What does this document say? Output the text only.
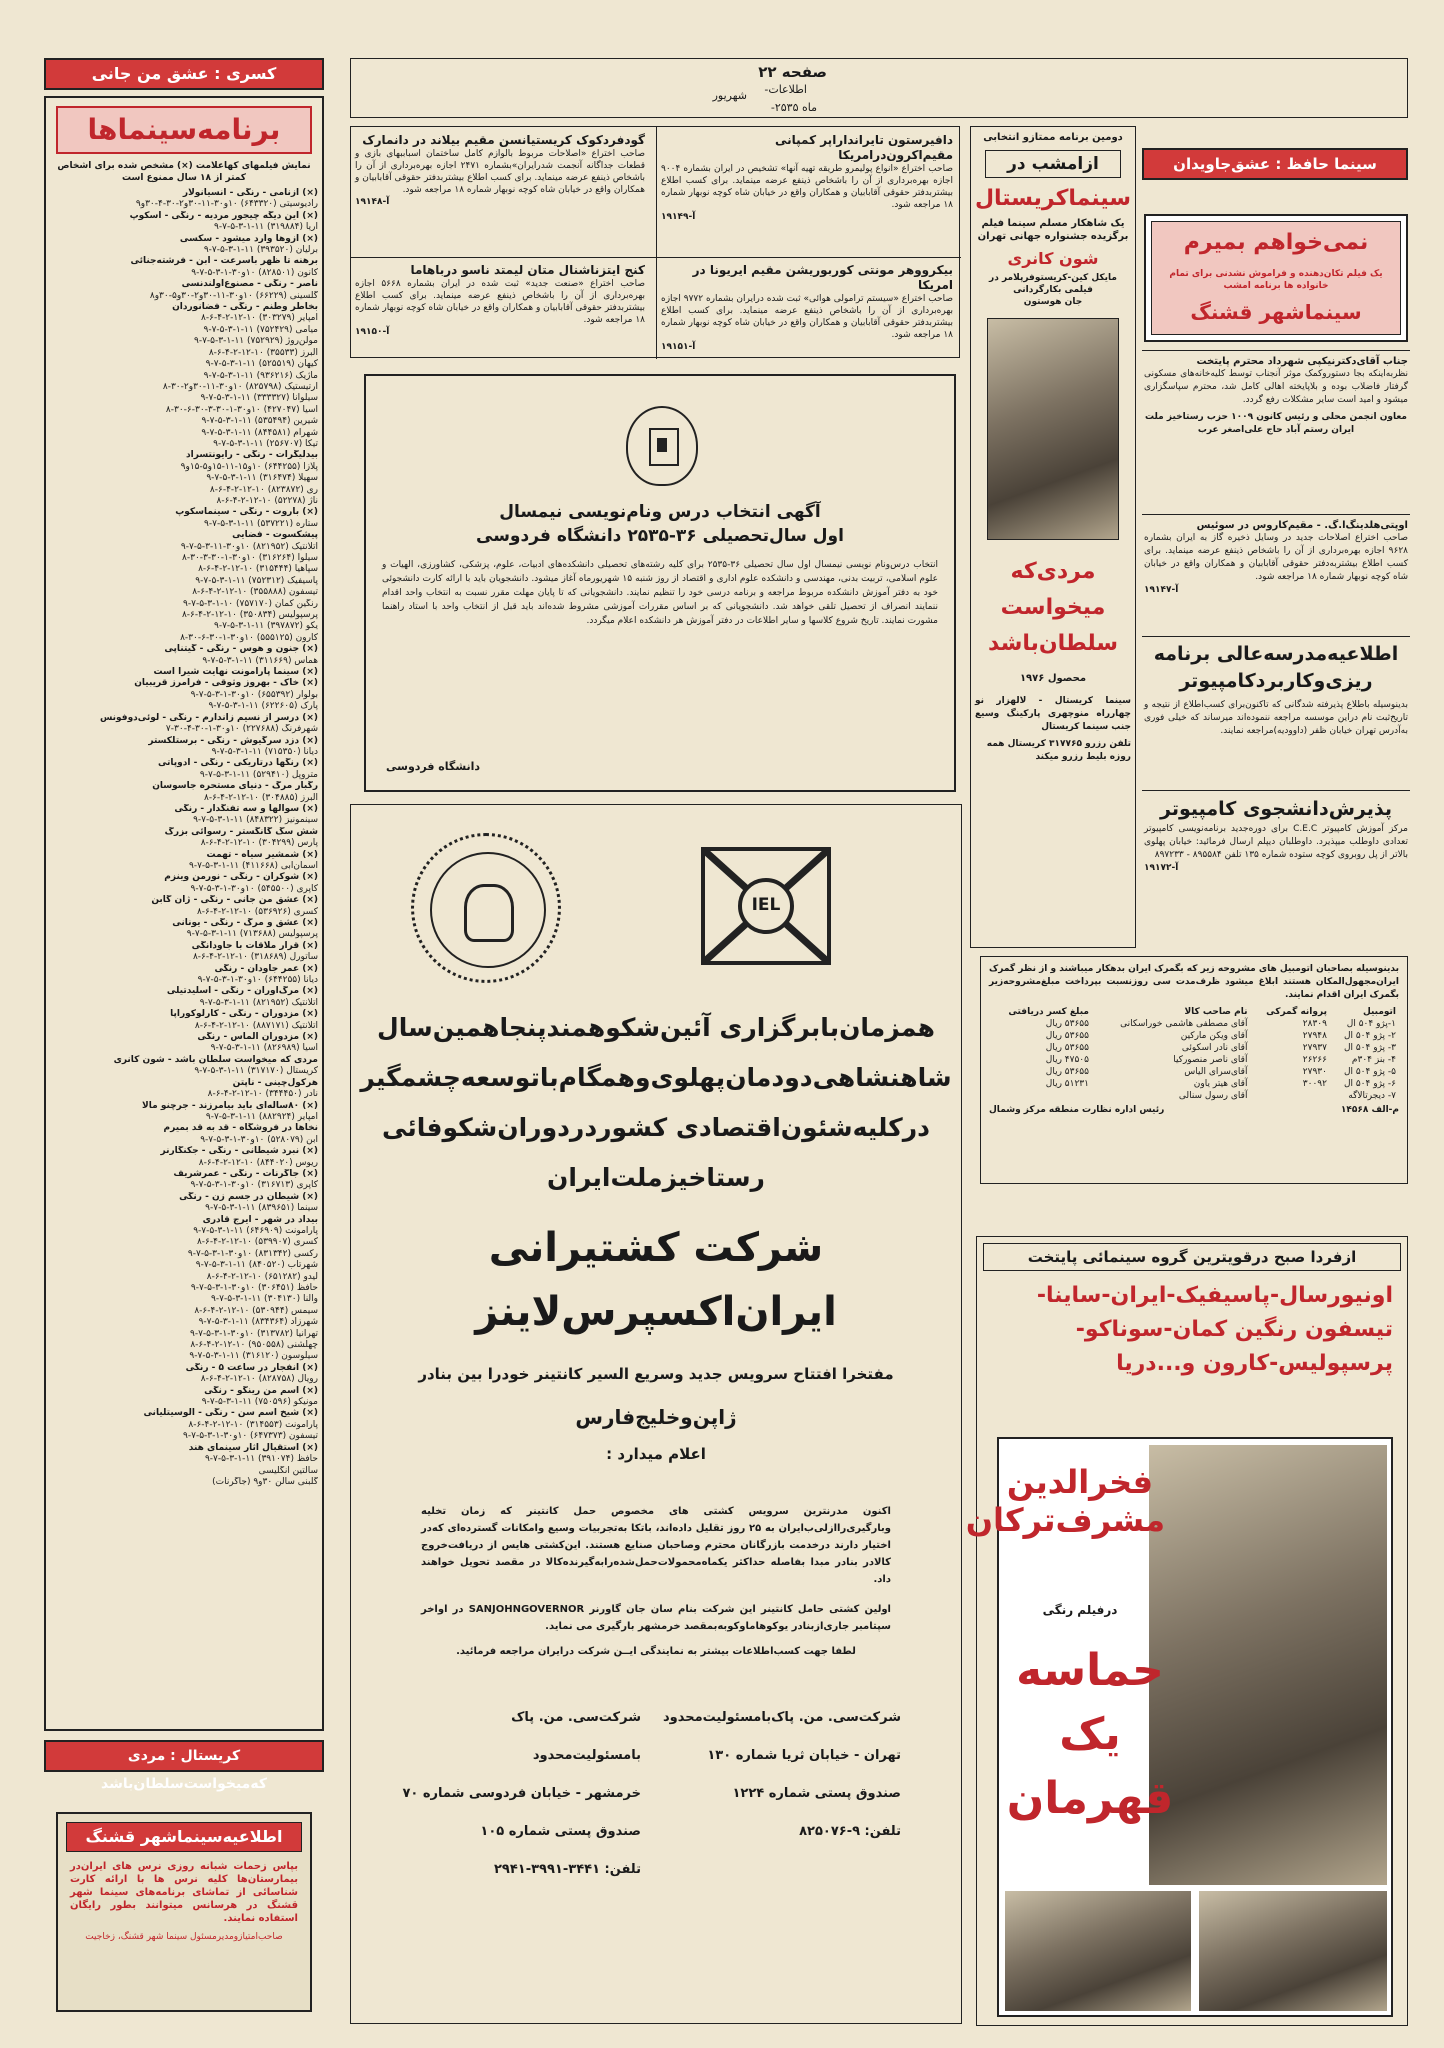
صفحه ۲۲
اطلاعات-
شهریور
ماه ۲۵۳۵-
کسری : عشق من جانی
برنامه‌سینماها
نمایش فیلمهای کهاعلامت (×) مشخص شده برای اشخاص کمتر از ۱۸ سال ممنوع است
(×) ازنامی - رنگی - انسیانولار
رادیوسیتی (۶۴۳۳۲۰) ۱۰و۳۰-۱۱-۳۰و۲-۳۰-۴-۳۰و۹
(×) این دیگه چیجور مردیه - رنگی - اسکوپ
آریا (۳۱۹۸۸۴) ۱۱-۱-۳-۵-۷-۹
(×) ازوها وارد میشود - سکسی
برلیان (۳۹۳۵۲۰) ۱۱-۱-۳-۵-۷-۹
برهنه تا ظهر باسرعت - ابن - فرشته‌جنائی
کانون (۸۲۸۵۰۱) ۱۰و۳۰-۱-۳-۵-۷-۹
ناصر - رنگی - مصنوع‌اولندنسی
گلسینی (۶۶۲۲۹) ۱۰و۳۰-۱۱-۳۰و۲-۳۰و۵-۳۰و۸
بخاطر وطنم - رنگی - فضانوردان
امپایر (۳۰۳۲۷۹) ۱۰-۱۲-۲-۴-۶-۸
میامی (۷۵۲۴۲۹) ۱۱-۱-۳-۵-۷-۹
مولن‌روژ (۷۵۲۹۲۹) ۱۱-۱-۳-۵-۷-۹
البرز (۳۵۵۳۳) ۱۰-۱۲-۲-۴-۶-۸
کیهان (۵۲۵۵۱۹) ۱۱-۱-۳-۵-۷-۹
ماژیک (۹۳۶۲۱۶) ۱۱-۱-۳-۵-۷-۹
آرتیستیک (۸۲۵۷۹۸) ۱۰و۳۰-۱۱-۳۰و۲-۳۰-۸
سیلوانا (۳۳۳۳۲۷) ۱۱-۱-۳-۵-۷-۹
آسیا (۴۲۷۰۴۷) ۱۰و۳۰-۱-۳۰-۳-۳۰-۶-۳۰-۸
شیرین (۵۳۵۴۹۴) ۱۱-۱-۳-۵-۷-۹
شهرام (۸۴۴۵۸۱) ۱۱-۱-۳-۵-۷-۹
تیکا (۲۵۶۷۰۷) ۱۱-۱-۳-۵-۷-۹
بیدلیگرات - رنگی - رایونتسراد
پلازا (۶۴۴۲۵۵) ۱۰و۱۵-۱۱-۱۵و۵-۱۵و۹
سهیلا (۳۱۶۴۷۴) ۱۱-۱-۳-۵-۷-۹
ری (۸۲۳۸۷۲) ۱۰-۱۲-۲-۴-۶-۸
ناژ (۵۲۲۷۸) ۱۰-۱۲-۲-۴-۶-۸
(×) باروت - رنگی - سینماسکوپ
ستاره (۵۳۷۲۲۱) ۱۱-۱-۳-۵-۷-۹
پیشکسوت - فضایی
آتلانتیک (۸۲۱۹۵۲) ۱۰و۳۰-۱۱-۳-۵-۷-۹
سیلوا (۳۱۶۲۶۴) ۱۰و۳۰-۱-۳۰-۳-۳۰-۸
سپاهیا (۳۱۵۴۴۴) ۱۰-۱۲-۲-۴-۶-۸
پاسیفیک (۷۵۲۳۱۲) ۱۱-۱-۳-۵-۷-۹
تیسفون (۳۵۵۸۸۸) ۱۰-۱۲-۲-۴-۶-۸
رنگین کمان (۷۵۷۱۷۰) ۱۰-۱-۳-۵-۷-۹
پرسپولیس (۳۵۰۸۳۴) ۱۰-۱۲-۲-۴-۶-۸
یکو (۳۹۷۸۷۲) ۱۱-۱-۳-۵-۷-۹
کارون (۵۵۵۱۲۵) ۱۰و۳۰-۱-۳۰-۶-۳۰-۸
(×) جنون و هوس - رنگی - گیتناپی
هماس (۳۱۱۶۶۹) ۱۱-۱-۳-۵-۷-۹
(×) سینما پارامونت نهایت شیرا است
(×) خاک - بهروز وثوقی - فرامرز قریبیان
بولوار (۶۵۵۳۹۲) ۱۰و۳۰-۱-۳-۵-۷-۹
پارک (۶۲۲۶۰۵) ۱۱-۱-۳-۵-۷-۹
(×) درسر از نسیم زاندارم - رنگی - لوئی‌دوفونس
شهرفرنگ (۲۲۷۶۸۸) ۱۰و۳۰-۱-۳۰-۴-۳۰-۷
(×) دزد سرگیوش - رنگی - برستلکستر
دیانا (۷۱۵۳۵۰) ۱۱-۱-۳-۵-۷-۹
(×) رنگها درتاریکی - رنگی - ادوپاتی
متروپل (۵۲۹۴۱۰) ۱۱-۱-۳-۵-۷-۹
رگبار مرگ - دنیای مستحره جاسوسان
آلبرز (۳۰۴۸۸۵) ۱۰-۱۲-۲-۴-۶-۸
(×) سوالها و سه تفنگدار - رنگی
سینمونیز (۸۴۸۳۲۲) ۱۱-۱-۳-۵-۷-۹
شش سگ گانگستر - رسوائی بزرگ
پارس (۳۰۴۲۹۹) ۱۰-۱۲-۲-۴-۶-۸
(×) شمشیر سیاه - تهمت
آسمان‌آبی (۴۱۱۶۶۸) ۱۱-۱-۳-۵-۷-۹
(×) شوکران - رنگی - نورمن وینزم
کاپری (۵۴۵۵۰۰) ۱۰و۳۰-۱-۳-۵-۷-۹
(×) عشق من جانی - رنگی - ژان گابن
کسری (۵۳۶۹۲۶) ۱۰-۱۲-۲-۴-۶-۸
(×) عشق و مرگ - رنگی - یونانی
پرسپولیس (۷۱۳۶۸۸) ۱۱-۱-۳-۵-۷-۹
(×) قرار ملاقات با جاودانگی
ساتورل (۳۱۸۶۸۹) ۱۰-۱۲-۲-۴-۶-۸
(×) عمر جاودان - رنگی
دیانا (۶۴۴۲۵۵) ۱۰و۳۰-۱-۳-۵-۷-۹
(×) مرگ‌آوران - رنگی - اسلیدتیلی
آتلانتیک (۸۲۱۹۵۲) ۱۱-۱-۳-۵-۷-۹
(×) مزدوران - رنگی - کارلوکوراپا
آتلانتیک (۸۸۷۱۷۱) ۱۰-۱۲-۲-۴-۶-۸
(×) مزدوران الماس - رنگی
آسیا (۸۲۶۹۸۹) ۱۱-۱-۳-۵-۷-۹
مردی که میخواست سلطان باشد - شون کانری
کریستال (۳۱۷۱۷۰) ۱۱-۱-۳-۵-۷-۹
هرکول‌چینی - ناپتن
نادر (۳۴۴۴۵۰) ۱۰-۱۲-۲-۴-۶-۸
(×) ۸۰ساله‌ای باید بیامرزند - جرچنو مالا
امپایر (۸۸۲۹۲۴) ۱۱-۱-۳-۵-۷-۹
نخاها در فروشگاه - قد به قد بمیرم
آبن (۵۲۸۰۷۹) ۱۰و۳۰-۱-۳-۵-۷-۹
(×) نبرد شیطانی - رنگی - جکنگارنر
ریوس (۸۴۴۰۲۰) ۱۰-۱۲-۲-۴-۶-۸
(×) جاگرنات - رنگی - عمرشریف
کاپری (۳۱۶۷۱۳) ۱۰و۳۰-۱-۳-۵-۷-۹
(×) شیطان در جسم زن - رنگی
سینما (۸۳۹۶۵۱) ۱۱-۱-۳-۵-۷-۹
بیداد در شهر - ایرج قادری
پارامونت (۶۴۶۹۰۹) ۱۱-۱-۳-۵-۷-۹
کسری (۵۳۹۹۰۷) ۱۰-۱۲-۲-۴-۶-۸
رکسی (۸۳۱۳۴۲) ۱۰و۳۰-۱-۳-۵-۷-۹
شهرتاب (۸۴۰۵۲۰) ۱۱-۱-۳-۵-۷-۹
لیدو (۶۵۱۲۸۲) ۱۰-۱۲-۲-۴-۶-۸
حافظ (۳۰۶۴۵۱) ۱۰و۳۰-۱-۳-۵-۷-۹
والنا (۳۰۴۱۳۰) ۱۱-۱-۳-۵-۷-۹
سیمس (۵۳۰۹۴۴) ۱۰-۱۲-۲-۴-۶-۸
شهرزاد (۸۳۴۳۶۴) ۱۱-۱-۳-۵-۷-۹
تهرانیا (۳۱۳۷۸۲) ۱۰و۳۰-۱-۳-۵-۷-۹
چهلشنی (۹۵۰۵۵۸) ۱۰-۱۲-۲-۴-۶-۸
سیلوسون (۳۱۶۱۲۰) ۱۱-۱-۳-۵-۷-۹
(×) انفجار در ساعت ۵ - رنگی
رویال (۸۲۸۷۵۸) ۱۰-۱۲-۲-۴-۶-۸
(×) اسم من رینگو - رنگی
مونیکو (۷۵۰۵۹۶) ۱۱-۱-۳-۵-۷-۹
(×) شیخ اسم سن - رنگی - آلوسیتلیانی
پارامونت (۳۱۴۵۵۳) ۱۰-۱۲-۲-۴-۶-۸
تیسفون (۶۴۷۳۷۳) ۱۰و۳۰-۱-۳-۵-۷-۹
(×) استقبال آثار سینمای هند
حافظ (۳۹۱۰۷۴) ۱۱-۱-۳-۵-۷-۹
سالتین انگلیسی
گلبنی سالن ۳۰و۹ (جاگرنات)
کریستال : مردی که‌میخواست‌سلطان‌باشد
اطلاعیه‌سینماشهر قشنگ
بپاس زحمات شبانه روزی نرس های ایران‌در بیمارستان‌ها کلیه نرس ها با ارائه کارت شناسائی از تماشای برنامه‌های سینما شهر قشنگ در هرسانس میتوانند بطور رایگان استفاده نمایند.
صاحب‌امتیاز‌ومدیرمسئول سینما شهر قشنگ، زخاجیت
دافیرستون تایرانداراپر کمپانی مقیم‌اکرون‌درامریکا
صاحب اختراع «انواع پولیمرو طریقه تهیه آنها» تشخیص در ایران بشماره ۹۰۰۴ اجازه بهره‌برداری از آن را باشخاص ذینفع عرضه مینماید. برای کسب اطلاع بیشتر‌بدفتر حقوقی آقابابیان و همکاران واقع در خیابان شاه کوچه نوبهار شماره ۱۸ مراجعه شود.
آ-۱۹۱۴۹
گودفردکوک کریستیانسن مقیم بیلاند در دانمارک
صاحب اختراع «اصلاحات مربوط بالوازم کامل ساختمان اسباببهای بازی و قطعات جداگانه آنجمت شدرایران»بشماره ۲۴۷۱ اجازه بهره‌برداری از آن را باشخاص ذینفع عرضه مینماید. برای کسب اطلاع بیشتر‌بدفتر حقوقی آقابابیان و همکاران واقع در خیابان شاه کوچه نوبهار شماره ۱۸ مراجعه شود.
آ-۱۹۱۴۸
بیکرووهر مونتی کوربوریشن مقیم ایریونا در امریکا
صاحب اختراع «سیستم ترامولی هوائی» ثبت شده درایران بشماره ۹۷۷۲ اجازه بهره‌برداری از آن را باشخاص ذینفع عرضه مینماید. برای کسب اطلاع بیشتر‌بدفتر حقوقی آقابابیان و همکاران واقع در خیابان شاه کوچه نوبهار شماره ۱۸ مراجعه شود.
آ-۱۹۱۵۱
کنج ایتزناشنال متان لیمتد ناسو درباهاما
صاحب اختراع «صنعت جدید» ثبت شده در ایران بشماره ۵۶۶۸ اجازه بهره‌برداری از آن را باشخاص ذینفع عرضه مینماید. برای کسب اطلاع بیشتر‌بدفتر حقوقی آقابابیان و همکاران واقع در خیابان شاه کوچه نوبهار شماره ۱۸ مراجعه شود.
آ-۱۹۱۵۰
آگهی انتخاب درس ونام‌نویسی نیمسال
اول سال‌تحصیلی ۳۶-۲۵۳۵ دانشگاه فردوسی
انتخاب درس‌ونام نویسی نیمسال اول سال تحصیلی ۳۶-۲۵۳۵ برای کلیه رشته‌های تحصیلی دانشکده‌های ادبیات، علوم، پزشکی، کشاورزی، الهیات و علوم اسلامی، تربیت بدنی، مهندسی و دانشکده علوم اداری و اقتصاد از روز شنبه ۱۵ شهریورماه آغاز میشود. دانشجویان باید با ارائه کارت دانشجوئی خود به دفتر آموزش دانشکده مربوط مراجعه و برنامه درسی خود را تنظیم نمایند. دانشجویانی که تا پایان مهلت مقرر نسبت به انتخاب واحد اقدام ننمایند انصراف از تحصیل تلقی خواهد شد. دانشجویانی که بر اساس مقررات آموزشی مشروط شده‌اند باید قبل از انتخاب واحد با استاد راهنما مشورت نمایند. تاریخ شروع کلاسها و سایر اطلاعات در دفتر آموزش هر دانشکده اعلام میگردد.
دانشگاه فردوسی
IEL
همزمان‌با‌برگزاری آئین‌شکوهمند‌پنجاهمین‌سال
شاهنشاهی‌دودمان‌پهلوی‌وهمگام‌باتوسعه‌چشمگیر
درکلیه‌شئون‌اقتصادی کشوردردوران‌شکوفائی
رستاخیز‌ملت‌ایران
شرکت کشتیرانی
ایران‌اکسپرس‌لاینز
مفتخرا افتتاح سرویس جدید وسریع السیر کانتینر خودرا بین بنادر
ژاپن‌وخلیج‌فارس
اعلام میدارد :
اکنون مدرنترین سرویس کشتی های مخصوص حمل کانتینر که زمان تخلیه وبارگیری‌راازلی‌ب‌ایران به ۲۵ روز تقلیل داده‌اند، باتکا به‌تجربیات وسیع وامکانات گسترده‌ای که‌در اختیار دارند در‌خدمت بازرگانان محترم وصاحبان صنایع هستند. این‌کشتی هایس از دریافت‌خروج کالادر بنادر مبدا بفاصله حداکثر یکماه‌محمولات‌حمل‌شده‌رابه‌گیرنده‌کالا در مقصد تحویل خواهند داد.
اولین کشتی حامل کانتینر این شرکت بنام سان جان گاورنر SANJOHNGOVERNOR در اواخر سپتامبر جاری‌ازبنادر یوکوهاماوکوبه‌بمقصد خرمشهر بارگیری می نماید.
لطفا جهت کسب‌اطلاعات بیشتر به نمایندگی ایــن شرکت درایران مراجعه فرمائید.
شرکت‌سی. من. پاک‌بامسئولیت‌محدود
تهران - خیابان ثریا شماره ۱۳۰
صندوق پستی شماره ۱۲۲۴
تلفن: ۹-۸۲۵۰۷۶
شرکت‌سی. من. پاک بامسئولیت‌محدود
خرمشهر - خیابان فردوسی شماره ۷۰
صندوق پستی شماره ۱۰۵
تلفن: ۳۴۴۱-۳۹۹۱-۲۹۴۱
دومین برنامه ممتازو انتخابی
ازامشب در
سینماکریستال
یک شاهکار مسلم سینما فیلم برگزیده جشنواره جهانی تهران
شون کانری
مایکل کین-کریستوفر‌پلامر در فیلمی بکارگردانی
جان هوستون
مردی‌که میخواست سلطان‌باشد
محصول ۱۹۷۶
سینما کریستال - لالهزار نو چهارراه منوچهری پارکینگ وسیع جنب سینما کریستال
تلفن رزرو ۳۱۷۷۶۵ کریستال همه روزه بلیط رزرو میکند
سینما حافظ : عشق‌جاویدان
نمی‌خواهم بمیرم
یک فیلم تکان‌دهنده و فراموش نشدنی برای تمام خانواده ها برنامه امشب
سینماشهر قشنگ
جناب آقای‌دکتر‌نیکپی شهرداد محترم پایتخت
نظر‌به‌اینکه‌ بجا دستور‌وکمک موثر آنجناب‌ توسط کلیه‌خانه‌های مسکونی گرفتار فاضلاب بوده و بلاپایخته اهالی کامل شد، محترم سپاسگزاری میشود و امید است سایر مشکلات رفع گردد.
معاون انجمن محلی و رئیس کانون ۱۰۰۹ حزب رستاخیز ملت ایران رستم آباد حاج علی‌اصغر عرب
اوپتی‌هلدینگ‌ا.گ. - مقیم‌کاروس در سوئیس
صاحب اختراع اصلاحات جدید در وسایل ذخیره گاز به ایران بشماره ۹۶۲۸ اجازه بهره‌برداری از آن را باشخاص ذینفع عرضه مینماید. برای کسب اطلاع بیشتر‌به‌دفتر حقوقی آقابابیان و همکاران واقع در خیابان شاه کوچه نوبهار شماره ۱۸ مراجعه شود.
آ-۱۹۱۴۷
اطلاعیه‌مدرسه‌عالی برنامه ریزی‌وکاربرد‌کامپیوتر
بدینوسیله باطلاع پذیرفته شدگانی که تاکنون‌برای کسب‌اطلاع از نتیجه و تاریخ‌ثبت نام دراین موسسه مراجعه ننموده‌اند میرساند که خیلی فوری به‌آدرس تهران خیابان ظفر (داوودیه)مراجعه نمایند.
پذیرش‌دانشجوی کامپیوتر
مرکز آموزش کامپیوتر C.E.C برای دوره‌جدید برنامه‌نویسی کامپیوتر تعدادی داوطلب میپذیرد. داوطلبان دیپلم ارسال فرمائید: خیابان پهلوی بالاتر از پل روبروی کوچه ستوده شماره ۱۳۵ تلفن ۸۹۵۵۸۴ - ۸۹۷۲۳۳
آ-۱۹۱۷۲
بدینوسیله بصاحبان اتومبیل های مشروحه زیر که بگمرک ایران بدهکار میباشند و از نظر گمرک ایران‌مجهول‌المکان هستند ابلاغ میشود ظرف‌مدت سی روز‌نسبت بپرداخت مبلغ‌مشروحه‌زیر بگمرک ایران اقدام نمایند.
اتومبیل	پروانه گمرکی	نام صاحب کالا	مبلغ کسر دریافتی
۱-پژو ۵۰۴ ال	۲۸۳۰۹	آقای مصطفی هاشمی خوراسکانی	۵۳۶۵۵ ریال
۲- پژو ۵۰۴ ال	۲۷۹۴۸	آقای ویکن مارکین	۵۳۶۵۵ ریال
۳- پژو ۵۰۴ ال	۲۷۹۳۷	آقای نادر اسکوئی	۵۳۶۵۵ ریال
۴- بنز ۳۰۴م	۲۶۲۶۶	آقای ناصر منصورکیا	۴۷۵۰۵ ریال
۵- پژو ۵۰۴ ال	۲۷۹۳۰	آقای‌سرای الیاس	۵۳۶۵۵ ریال
۶- پژو ۵۰۴ ال	۳۰۰۹۲	آقای هیتر یاون	۵۱۲۳۱ ریال
۷- دیجر‌تالاگه		آقای رسول سنالی	
رئیس اداره نظارت منطقه مرکز وشمال	م-الف ۱۴۵۶۸
ازفردا صبح درقویترین گروه سینمائی پایتخت
اونیورسال‌-پاسیفیک‌-ایران‌-ساینا-تیسفون رنگین کمان‌-سوناکو‌-پرسپولیس-کارون و...دریا
فخرالدین مشرف‌ترکان
درفیلم رنگی
حماسه یک قهرمان
